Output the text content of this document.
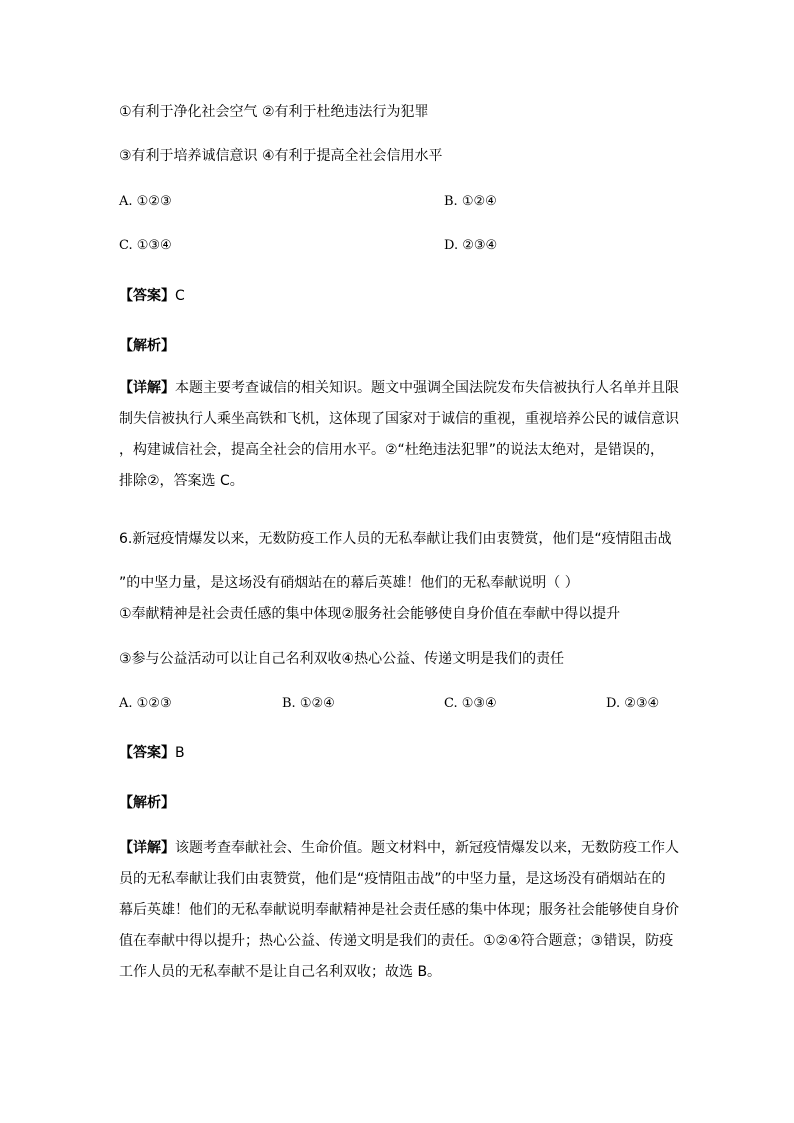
①有利于净化社会空气 ②有利于杜绝违法行为犯罪

③有利于培养诚信意识 ④有利于提高全社会信用水平

A. ①②③	B. ①②④

C. ①③④	D. ②③④

【答案】C

【解析】

【详解】本题主要考查诚信的相关知识。题文中强调全国法院发布失信被执行人名单并且限
制失信被执行人乘坐高铁和飞机，这体现了国家对于诚信的重视，重视培养公民的诚信意识
，构建诚信社会，提高全社会的信用水平。②“杜绝违法犯罪”的说法太绝对，是错误的，
排除②，答案选 C。
6.新冠疫情爆发以来，无数防疫工作人员的无私奉献让我们由衷赞赏，他们是“疫情阻击战
”的中坚力量，是这场没有硝烟站在的幕后英雄！他们的无私奉献说明（ ）

①奉献精神是社会责任感的集中体现②服务社会能够使自身价值在奉献中得以提升

③参与公益活动可以让自己名利双收④热心公益、传递文明是我们的责任

A. ①②③	B. ①②④	C. ①③④	D. ②③④

【答案】B

【解析】

【详解】该题考查奉献社会、生命价值。题文材料中，新冠疫情爆发以来，无数防疫工作人
员的无私奉献让我们由衷赞赏，他们是“疫情阻击战”的中坚力量，是这场没有硝烟站在的
幕后英雄！他们的无私奉献说明奉献精神是社会责任感的集中体现；服务社会能够使自身价
值在奉献中得以提升；热心公益、传递文明是我们的责任。①②④符合题意；③错误，防疫
工作人员的无私奉献不是让自己名利双收；故选 B。
